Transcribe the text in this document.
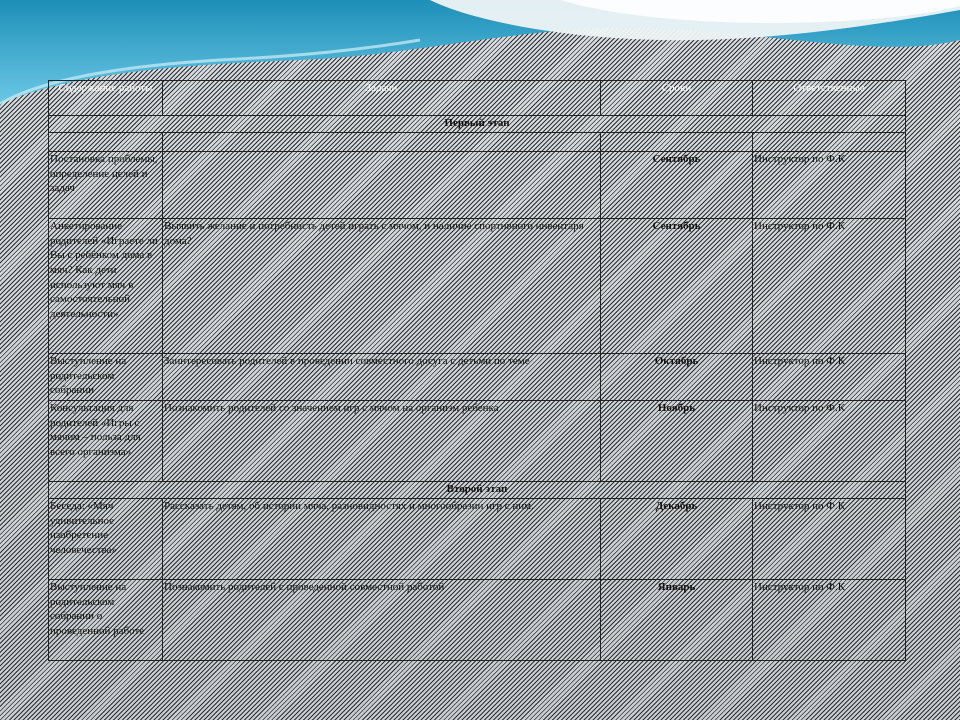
Содержание работы	Задачи	Сроки	Ответственные
Первый этап			

Постановка проблемы, определение целей и задач		Сентябрь	Инструктор по Ф.К
Анкетирование родителей «Играете ли Вы с ребёнком дома в мяч? Как дети используют мяч в самостоятельной деятельности»	Выявить желание и потребность детей играть с мячом, и наличие спортивного инвентаря дома?	Сентябрь	Инструктор по Ф.К
Выступление на родительском собрании	Заинтересовать родителей в проведении совместного досуга с детьми по теме	Октябрь	Инструктор по Ф.К
Консультация для родителей «Игры с мячом – польза для всего организма»	Познакомить родителей со значением игр с мячом на организм ребенка	Ноябрь	Инструктор по Ф.К
Второй этап			
Беседа: «Мяч удивительное изобретение человечества»	Рассказать детям, об истории мяча, разновидностях и многообразии игр с ним.	Декабрь	Инструктор по Ф.К
Выступление на родительском собрании о проведенной работе	Познакомить родителей с проведенной совместной работой	Январь	Инструктор по Ф.К
